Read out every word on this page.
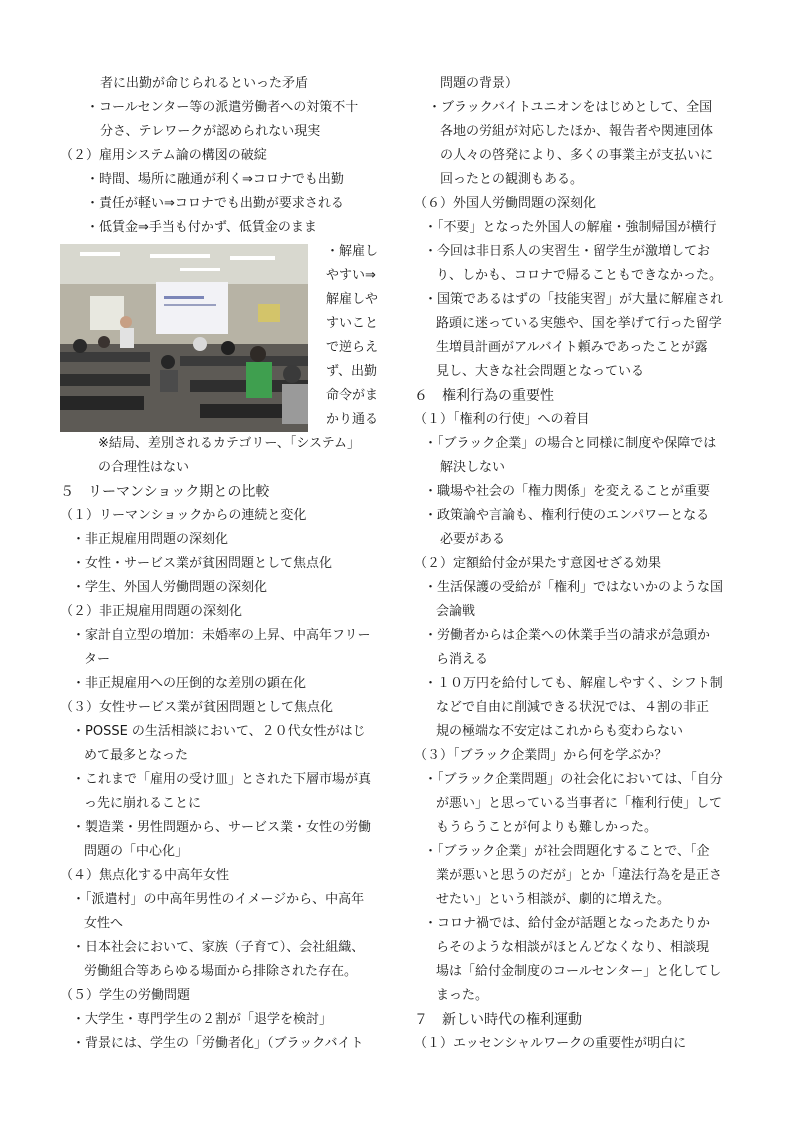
者に出勤が命じられるといった矛盾
・コールセンター等の派遣労働者への対策不十
分さ、テレワークが認められない現実
（２）雇用システム論の構図の破綻
・時間、場所に融通が利く⇒コロナでも出勤
・責任が軽い⇒コロナでも出勤が要求される
・低賃金⇒手当も付かず、低賃金のまま
・解雇し
やすい⇒
解雇しや
すいこと
で逆らえ
ず、出勤
命令がま
かり通る
※結局、差別されるカテゴリー、「システム」
の合理性はない
５　リーマンショック期との比較
（１）リーマンショックからの連続と変化
・非正規雇用問題の深刻化
・女性・サービス業が貧困問題として焦点化
・学生、外国人労働問題の深刻化
（２）非正規雇用問題の深刻化
・家計自立型の増加：未婚率の上昇、中高年フリー
ター
・非正規雇用への圧倒的な差別の顕在化
（３）女性サービス業が貧困問題として焦点化
・POSSE の生活相談において、２０代女性がはじ
めて最多となった
・これまで「雇用の受け皿」とされた下層市場が真
っ先に崩れることに
・製造業・男性問題から、サービス業・女性の労働
問題の「中心化」
（４）焦点化する中高年女性
・「派遣村」の中高年男性のイメージから、中高年
女性へ
・日本社会において、家族（子育て）、会社組織、
労働組合等あらゆる場面から排除された存在。
（５）学生の労働問題
・大学生・専門学生の２割が「退学を検討」
・背景には、学生の「労働者化」（ブラックバイト
問題の背景）
・ブラックバイトユニオンをはじめとして、全国
各地の労組が対応したほか、報告者や関連団体
の人々の啓発により、多くの事業主が支払いに
回ったとの観測もある。
（６）外国人労働問題の深刻化
・「不要」となった外国人の解雇・強制帰国が横行
・今回は非日系人の実習生・留学生が激増してお
り、しかも、コロナで帰ることもできなかった。
・国策であるはずの「技能実習」が大量に解雇され
路頭に迷っている実態や、国を挙げて行った留学
生増員計画がアルバイト頼みであったことが露
見し、大きな社会問題となっている
６　権利行為の重要性
（１）「権利の行使」への着目
・「ブラック企業」の場合と同様に制度や保障では
解決しない
・職場や社会の「権力関係」を変えることが重要
・政策論や言論も、権利行使のエンパワーとなる
必要がある
（２）定額給付金が果たす意図せざる効果
・生活保護の受給が「権利」ではないかのような国
会論戦
・労働者からは企業への休業手当の請求が急頭か
ら消える
・１０万円を給付しても、解雇しやすく、シフト制
などで自由に削減できる状況では、４割の非正
規の極端な不安定はこれからも変わらない
（３）「ブラック企業問」から何を学ぶか？
・「ブラック企業問題」の社会化においては、「自分
が悪い」と思っている当事者に「権利行使」して
もうらうことが何よりも難しかった。
・「ブラック企業」が社会問題化することで、「企
業が悪いと思うのだが」とか「違法行為を是正さ
せたい」という相談が、劇的に増えた。
・コロナ禍では、給付金が話題となったあたりか
らそのような相談がほとんどなくなり、相談現
場は「給付金制度のコールセンター」と化してし
まった。
７　新しい時代の権利運動
（１）エッセンシャルワークの重要性が明白に
